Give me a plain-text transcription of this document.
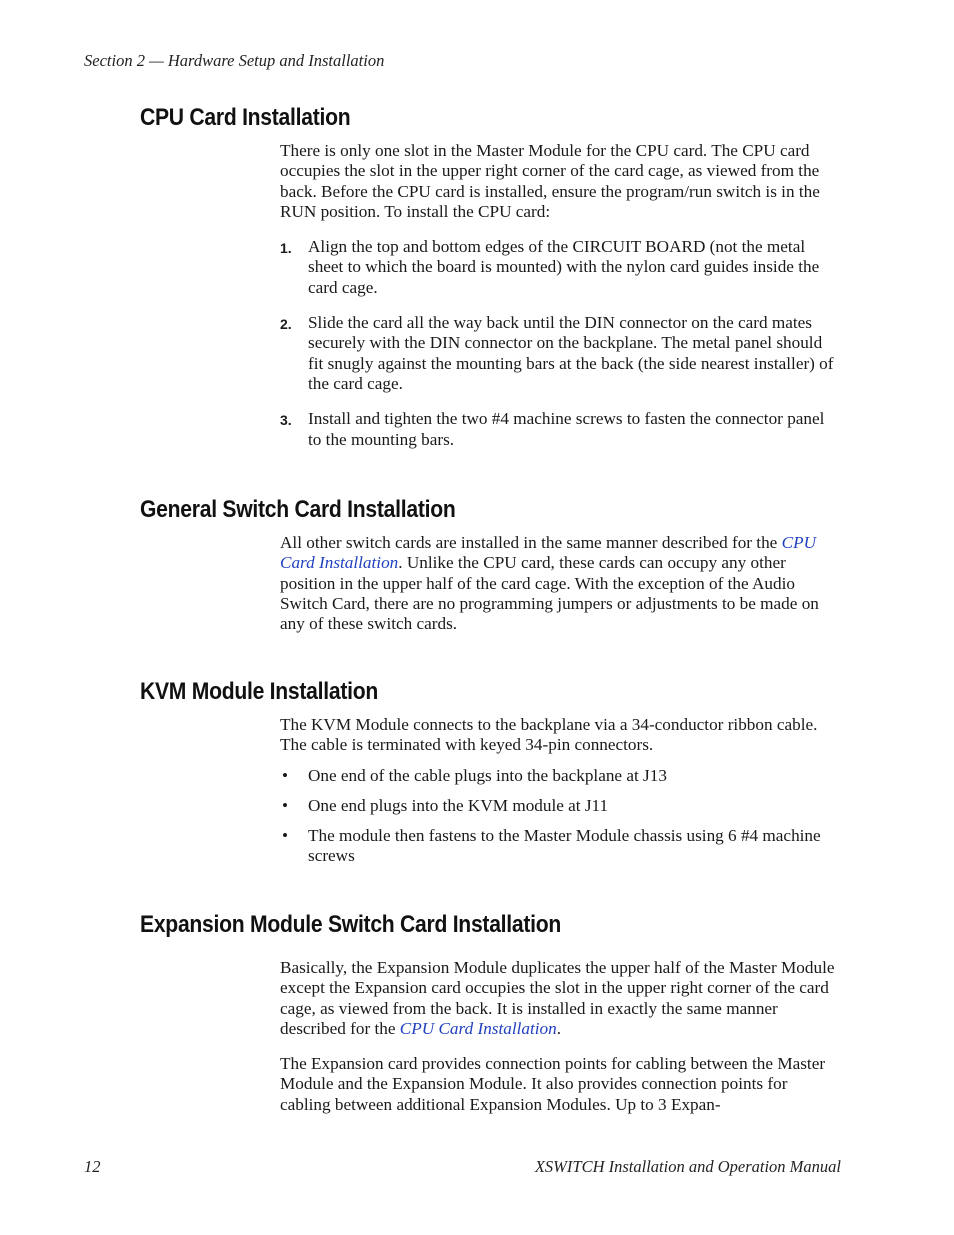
Section 2 — Hardware Setup and Installation
CPU Card Installation

There is only one slot in the Master Module for the CPU card. The CPU card occupies the slot in the upper right corner of the card cage, as viewed from the back. Before the CPU card is installed, ensure the program/run switch is in the RUN position. To install the CPU card:

1. Align the top and bottom edges of the CIRCUIT BOARD (not the metal sheet to which the board is mounted) with the nylon card guides inside the card cage.
2. Slide the card all the way back until the DIN connector on the card mates securely with the DIN connector on the backplane. The metal panel should fit snugly against the mounting bars at the back (the side nearest installer) of the card cage.
3. Install and tighten the two #4 machine screws to fasten the connector panel to the mounting bars.
General Switch Card Installation

All other switch cards are installed in the same manner described for the CPU Card Installation. Unlike the CPU card, these cards can occupy any other position in the upper half of the card cage. With the exception of the Audio Switch Card, there are no programming jumpers or adjustments to be made on any of these switch cards.

KVM Module Installation

The KVM Module connects to the backplane via a 34-conductor ribbon cable. The cable is terminated with keyed 34-pin connectors.

• One end of the cable plugs into the backplane at J13
• One end plugs into the KVM module at J11
• The module then fastens to the Master Module chassis using 6 #4 machine screws
Expansion Module Switch Card Installation

Basically, the Expansion Module duplicates the upper half of the Master Module except the Expansion card occupies the slot in the upper right corner of the card cage, as viewed from the back. It is installed in exactly the same manner described for the CPU Card Installation.

The Expansion card provides connection points for cabling between the Master Module and the Expansion Module. It also provides connection points for cabling between additional Expansion Modules. Up to 3 Expan-

12	XSWITCH Installation and Operation Manual
